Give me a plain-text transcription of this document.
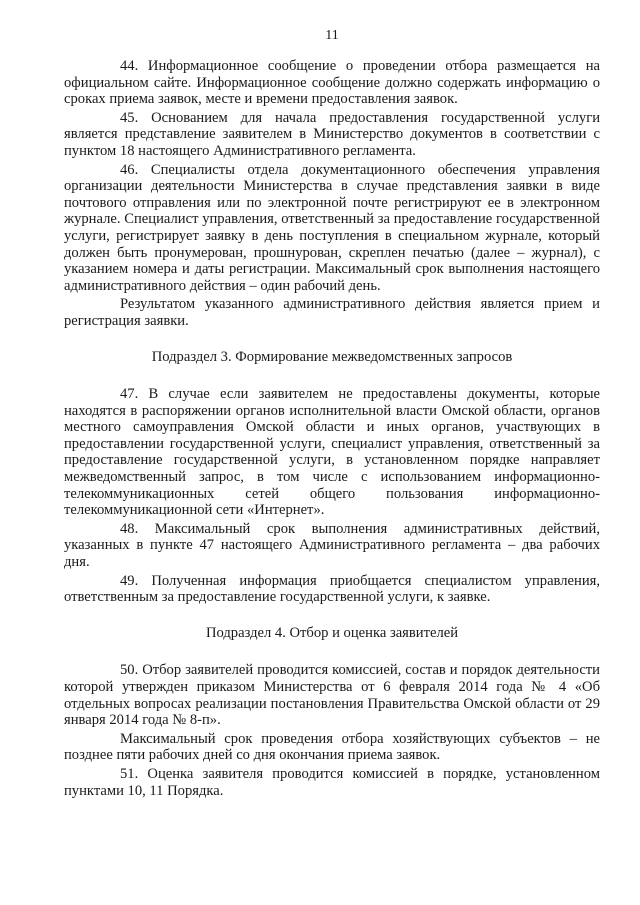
11

44. Информационное сообщение о проведении отбора размещается на официальном сайте. Информационное сообщение должно содержать информацию о сроках приема заявок, месте и времени предоставления заявок.

45. Основанием для начала предоставления государственной услуги является представление заявителем в Министерство документов в соответствии с пунктом 18 настоящего Административного регламента.

46. Специалисты отдела документационного обеспечения управления организации деятельности Министерства в случае представления заявки в виде почтового отправления или по электронной почте регистрируют ее в электронном журнале. Специалист управления, ответственный за предоставление государственной услуги, регистрирует заявку в день поступления в специальном журнале, который должен быть пронумерован, прошнурован, скреплен печатью (далее – журнал), с указанием номера и даты регистрации. Максимальный срок выполнения настоящего административного действия – один рабочий день.

Результатом указанного административного действия является прием и регистрация заявки.

Подраздел 3. Формирование межведомственных запросов

47. В случае если заявителем не предоставлены документы, которые находятся в распоряжении органов исполнительной власти Омской области, органов местного самоуправления Омской области и иных органов, участвующих в предоставлении государственной услуги, специалист управления, ответственный за предоставление государственной услуги, в установленном порядке направляет межведомственный запрос, в том числе с использованием информационно-телекоммуникационных сетей общего пользования информационно-телекоммуникационной сети «Интернет».

48. Максимальный срок выполнения административных действий, указанных в пункте 47 настоящего Административного регламента – два рабочих дня.

49. Полученная информация приобщается специалистом управления, ответственным за предоставление государственной услуги, к заявке.

Подраздел 4. Отбор и оценка заявителей

50. Отбор заявителей проводится комиссией, состав и порядок деятельности которой утвержден приказом Министерства от 6 февраля 2014 года № 4 «Об отдельных вопросах реализации постановления Правительства Омской области от 29 января 2014 года № 8-п».

Максимальный срок проведения отбора хозяйствующих субъектов – не позднее пяти рабочих дней со дня окончания приема заявок.

51. Оценка заявителя проводится комиссией в порядке, установленном пунктами 10, 11 Порядка.
